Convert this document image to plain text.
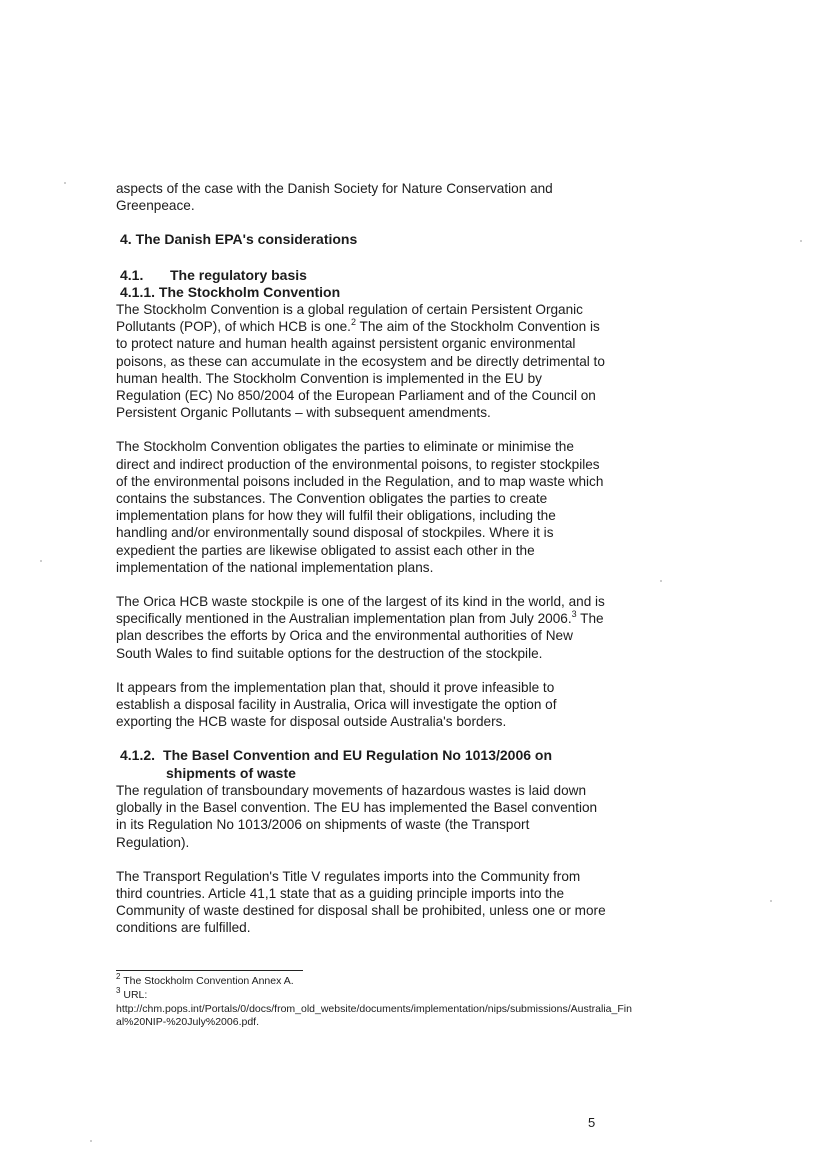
aspects of the case with the Danish Society for Nature Conservation and Greenpeace.

4. The Danish EPA's considerations
4.1. The regulatory basis
4.1.1. The Stockholm Convention

The Stockholm Convention is a global regulation of certain Persistent Organic Pollutants (POP), of which HCB is one.$^2$ The aim of the Stockholm Convention is to protect nature and human health against persistent organic environmental poisons, as these can accumulate in the ecosystem and be directly detrimental to human health. The Stockholm Convention is implemented in the EU by Regulation (EC) No 850/2004 of the European Parliament and of the Council on Persistent Organic Pollutants – with subsequent amendments.

The Stockholm Convention obligates the parties to eliminate or minimise the direct and indirect production of the environmental poisons, to register stockpiles of the environmental poisons included in the Regulation, and to map waste which contains the substances. The Convention obligates the parties to create implementation plans for how they will fulfil their obligations, including the handling and/or environmentally sound disposal of stockpiles. Where it is expedient the parties are likewise obligated to assist each other in the implementation of the national implementation plans.

The Orica HCB waste stockpile is one of the largest of its kind in the world, and is specifically mentioned in the Australian implementation plan from July 2006.$^3$ The plan describes the efforts by Orica and the environmental authorities of New South Wales to find suitable options for the destruction of the stockpile.

It appears from the implementation plan that, should it prove infeasible to establish a disposal facility in Australia, Orica will investigate the option of exporting the HCB waste for disposal outside Australia's borders.

4.1.2. The Basel Convention and EU Regulation No 1013/2006 on
shipments of waste

The regulation of transboundary movements of hazardous wastes is laid down globally in the Basel convention. The EU has implemented the Basel convention in its Regulation No 1013/2006 on shipments of waste (the Transport Regulation).

The Transport Regulation's Title V regulates imports into the Community from third countries. Article 41,1 state that as a guiding principle imports into the Community of waste destined for disposal shall be prohibited, unless one or more conditions are fulfilled.

$^2$ The Stockholm Convention Annex A.
$^3$ URL:
http://chm.pops.int/Portals/0/docs/from_old_website/documents/implementation/nips/submissions/Australia_Final%20NIP-%20July%2006.pdf.
5
